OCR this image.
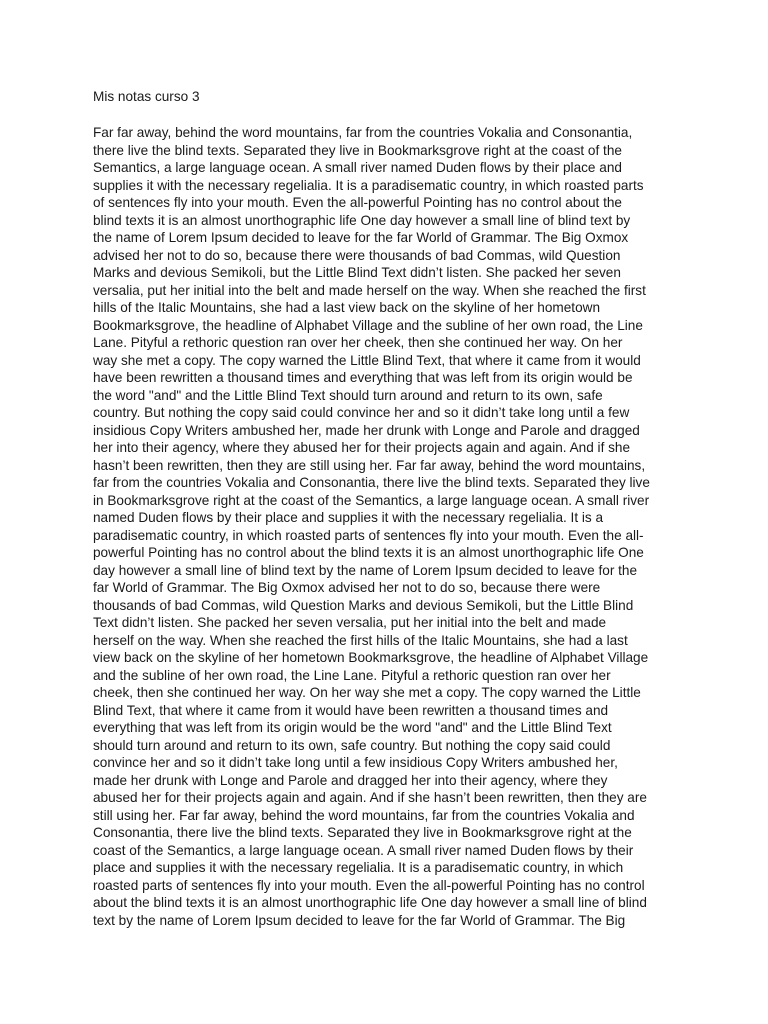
Mis notas curso 3
Far far away, behind the word mountains, far from the countries Vokalia and Consonantia,
there live the blind texts. Separated they live in Bookmarksgrove right at the coast of the
Semantics, a large language ocean. A small river named Duden flows by their place and
supplies it with the necessary regelialia. It is a paradisematic country, in which roasted parts
of sentences fly into your mouth. Even the all-powerful Pointing has no control about the
blind texts it is an almost unorthographic life One day however a small line of blind text by
the name of Lorem Ipsum decided to leave for the far World of Grammar. The Big Oxmox
advised her not to do so, because there were thousands of bad Commas, wild Question
Marks and devious Semikoli, but the Little Blind Text didn’t listen. She packed her seven
versalia, put her initial into the belt and made herself on the way. When she reached the first
hills of the Italic Mountains, she had a last view back on the skyline of her hometown
Bookmarksgrove, the headline of Alphabet Village and the subline of her own road, the Line
Lane. Pityful a rethoric question ran over her cheek, then she continued her way. On her
way she met a copy. The copy warned the Little Blind Text, that where it came from it would
have been rewritten a thousand times and everything that was left from its origin would be
the word "and" and the Little Blind Text should turn around and return to its own, safe
country. But nothing the copy said could convince her and so it didn’t take long until a few
insidious Copy Writers ambushed her, made her drunk with Longe and Parole and dragged
her into their agency, where they abused her for their projects again and again. And if she
hasn’t been rewritten, then they are still using her. Far far away, behind the word mountains,
far from the countries Vokalia and Consonantia, there live the blind texts. Separated they live
in Bookmarksgrove right at the coast of the Semantics, a large language ocean. A small river
named Duden flows by their place and supplies it with the necessary regelialia. It is a
paradisematic country, in which roasted parts of sentences fly into your mouth. Even the all-
powerful Pointing has no control about the blind texts it is an almost unorthographic life One
day however a small line of blind text by the name of Lorem Ipsum decided to leave for the
far World of Grammar. The Big Oxmox advised her not to do so, because there were
thousands of bad Commas, wild Question Marks and devious Semikoli, but the Little Blind
Text didn’t listen. She packed her seven versalia, put her initial into the belt and made
herself on the way. When she reached the first hills of the Italic Mountains, she had a last
view back on the skyline of her hometown Bookmarksgrove, the headline of Alphabet Village
and the subline of her own road, the Line Lane. Pityful a rethoric question ran over her
cheek, then she continued her way. On her way she met a copy. The copy warned the Little
Blind Text, that where it came from it would have been rewritten a thousand times and
everything that was left from its origin would be the word "and" and the Little Blind Text
should turn around and return to its own, safe country. But nothing the copy said could
convince her and so it didn’t take long until a few insidious Copy Writers ambushed her,
made her drunk with Longe and Parole and dragged her into their agency, where they
abused her for their projects again and again. And if she hasn’t been rewritten, then they are
still using her. Far far away, behind the word mountains, far from the countries Vokalia and
Consonantia, there live the blind texts. Separated they live in Bookmarksgrove right at the
coast of the Semantics, a large language ocean. A small river named Duden flows by their
place and supplies it with the necessary regelialia. It is a paradisematic country, in which
roasted parts of sentences fly into your mouth. Even the all-powerful Pointing has no control
about the blind texts it is an almost unorthographic life One day however a small line of blind
text by the name of Lorem Ipsum decided to leave for the far World of Grammar. The Big
